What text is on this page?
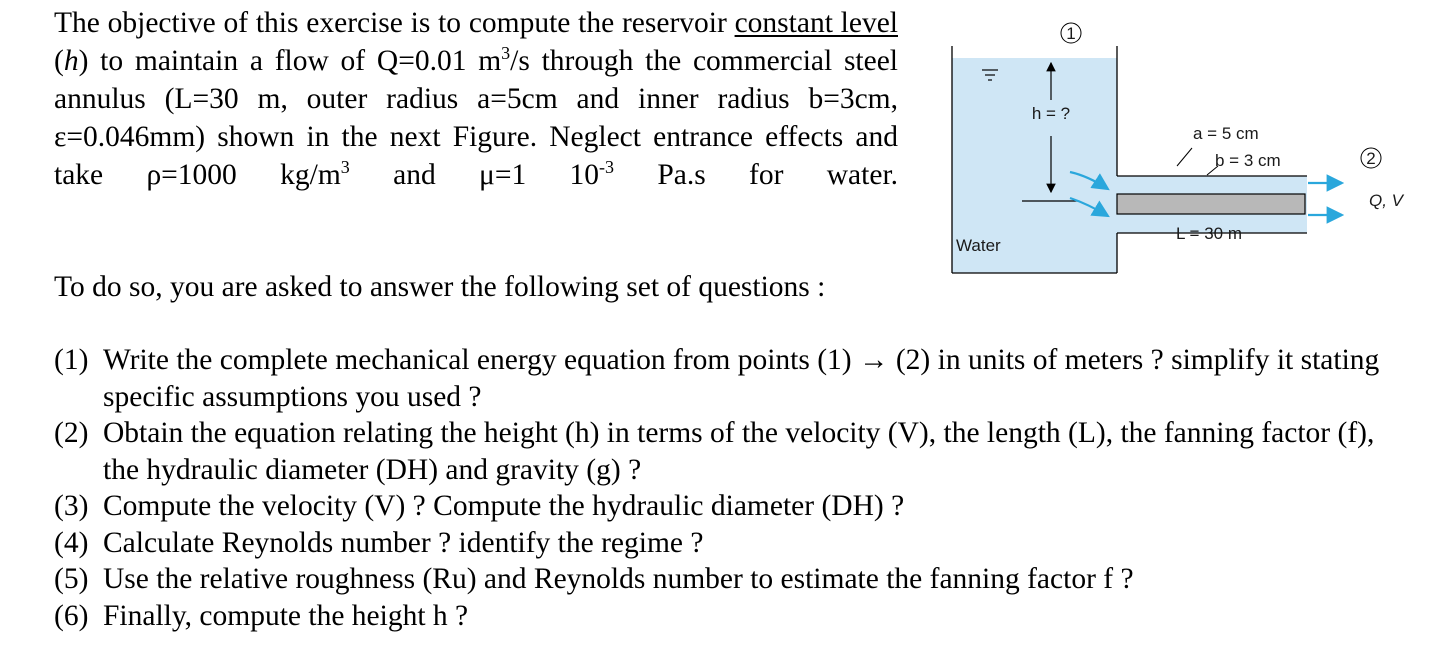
The objective of this exercise is to compute the reservoir constant level (h) to maintain a flow of Q=0.01 $m^3/s$ through the commercial steel annulus (L=30 m, outer radius a=5cm and inner radius b=3cm, ε=0.046mm) shown in the next Figure. Neglect entrance effects and take ρ=1000 $kg/m^3$ and μ=1 $10^{-3}$ Pa.s for water.
To do so, you are asked to answer the following set of questions :
(1) Write the complete mechanical energy equation from points (1) → (2) in units of meters ? simplify it stating specific assumptions you used ?
(2) Obtain the equation relating the height (h) in terms of the velocity (V), the length (L), the fanning factor (f), the hydraulic diameter (DH) and gravity (g) ?
(3) Compute the velocity (V) ? Compute the hydraulic diameter (DH) ?
(4) Calculate Reynolds number ? identify the regime ?
(5) Use the relative roughness (Ru) and Reynolds number to estimate the fanning factor f ?
(6) Finally, compute the height h ?
1
h = ?
a = 5 cm
b = 3 cm
L = 30 m
Water
Q, V
2
